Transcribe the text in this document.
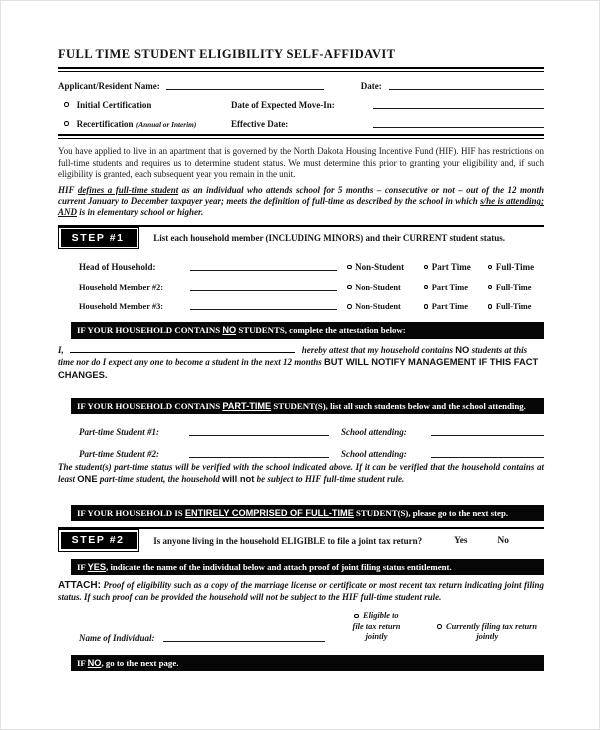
FULL TIME STUDENT ELIGIBILITY SELF-AFFIDAVIT
Applicant/Resident Name:	Date:
Initial Certification	Date of Expected Move-In:
Recertification (Annual or Interim)	Effective Date:
You have applied to live in an apartment that is governed by the North Dakota Housing Incentive Fund (HIF). HIF has restrictions on full-time students and requires us to determine student status. We must determine this prior to granting your eligibility and, if such eligibility is granted, each subsequent year you remain in the unit.
HIF defines a full-time student as an individual who attends school for 5 months – consecutive or not – out of the 12 month current January to December taxpayer year; meets the definition of full-time as described by the school in which s/he is attending; AND is in elementary school or higher.
STEP #1	List each household member (INCLUDING MINORS) and their CURRENT student status.
Head of Household:	Non-Student	Part Time	Full-Time
Household Member #2:	Non-Student	Part Time	Full-Time
Household Member #3:	Non-Student	Part Time	Full-Time
IF YOUR HOUSEHOLD CONTAINS NO STUDENTS, complete the attestation below:
I,	hereby attest that my household contains NO students at this time nor do I expect any one to become a student in the next 12 months BUT WILL NOTIFY MANAGEMENT IF THIS FACT CHANGES.
IF YOUR HOUSEHOLD CONTAINS PART-TIME STUDENT(S), list all such students below and the school attending.
Part-time Student #1:	School attending:
Part-time Student #2:	School attending:
The student(s) part-time status will be verified with the school indicated above. If it can be verified that the household contains at least ONE part-time student, the household will not be subject to HIF full-time student rule.
IF YOUR HOUSEHOLD IS ENTIRELY COMPRISED OF FULL-TIME STUDENT(S), please go to the next step.
STEP #2	Is anyone living in the household ELIGIBLE to file a joint tax return?	Yes	No
IF YES, indicate the name of the individual below and attach proof of joint filing status entitlement.
ATTACH: Proof of eligibility such as a copy of the marriage license or certificate or most recent tax return indicating joint filing status. If such proof can be provided the household will not be subject to the HIF full-time student rule.
Name of Individual:
Eligible to
file tax return
jointly
Currently filing tax return
jointly
IF NO, go to the next page.
